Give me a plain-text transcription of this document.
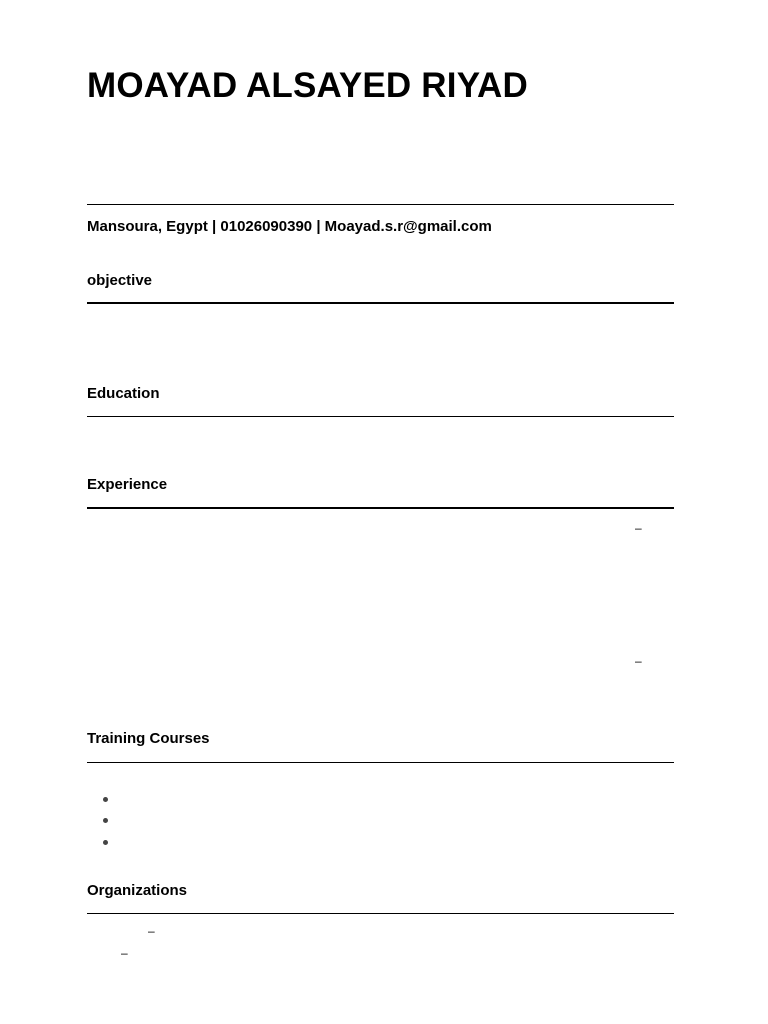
MOAYAD ALSAYED RIYAD
Mansoura, Egypt | 01026090390 | Moayad.s.r@gmail.com
objective
Education
Experience
–
–
Training Courses
Organizations
–
–
